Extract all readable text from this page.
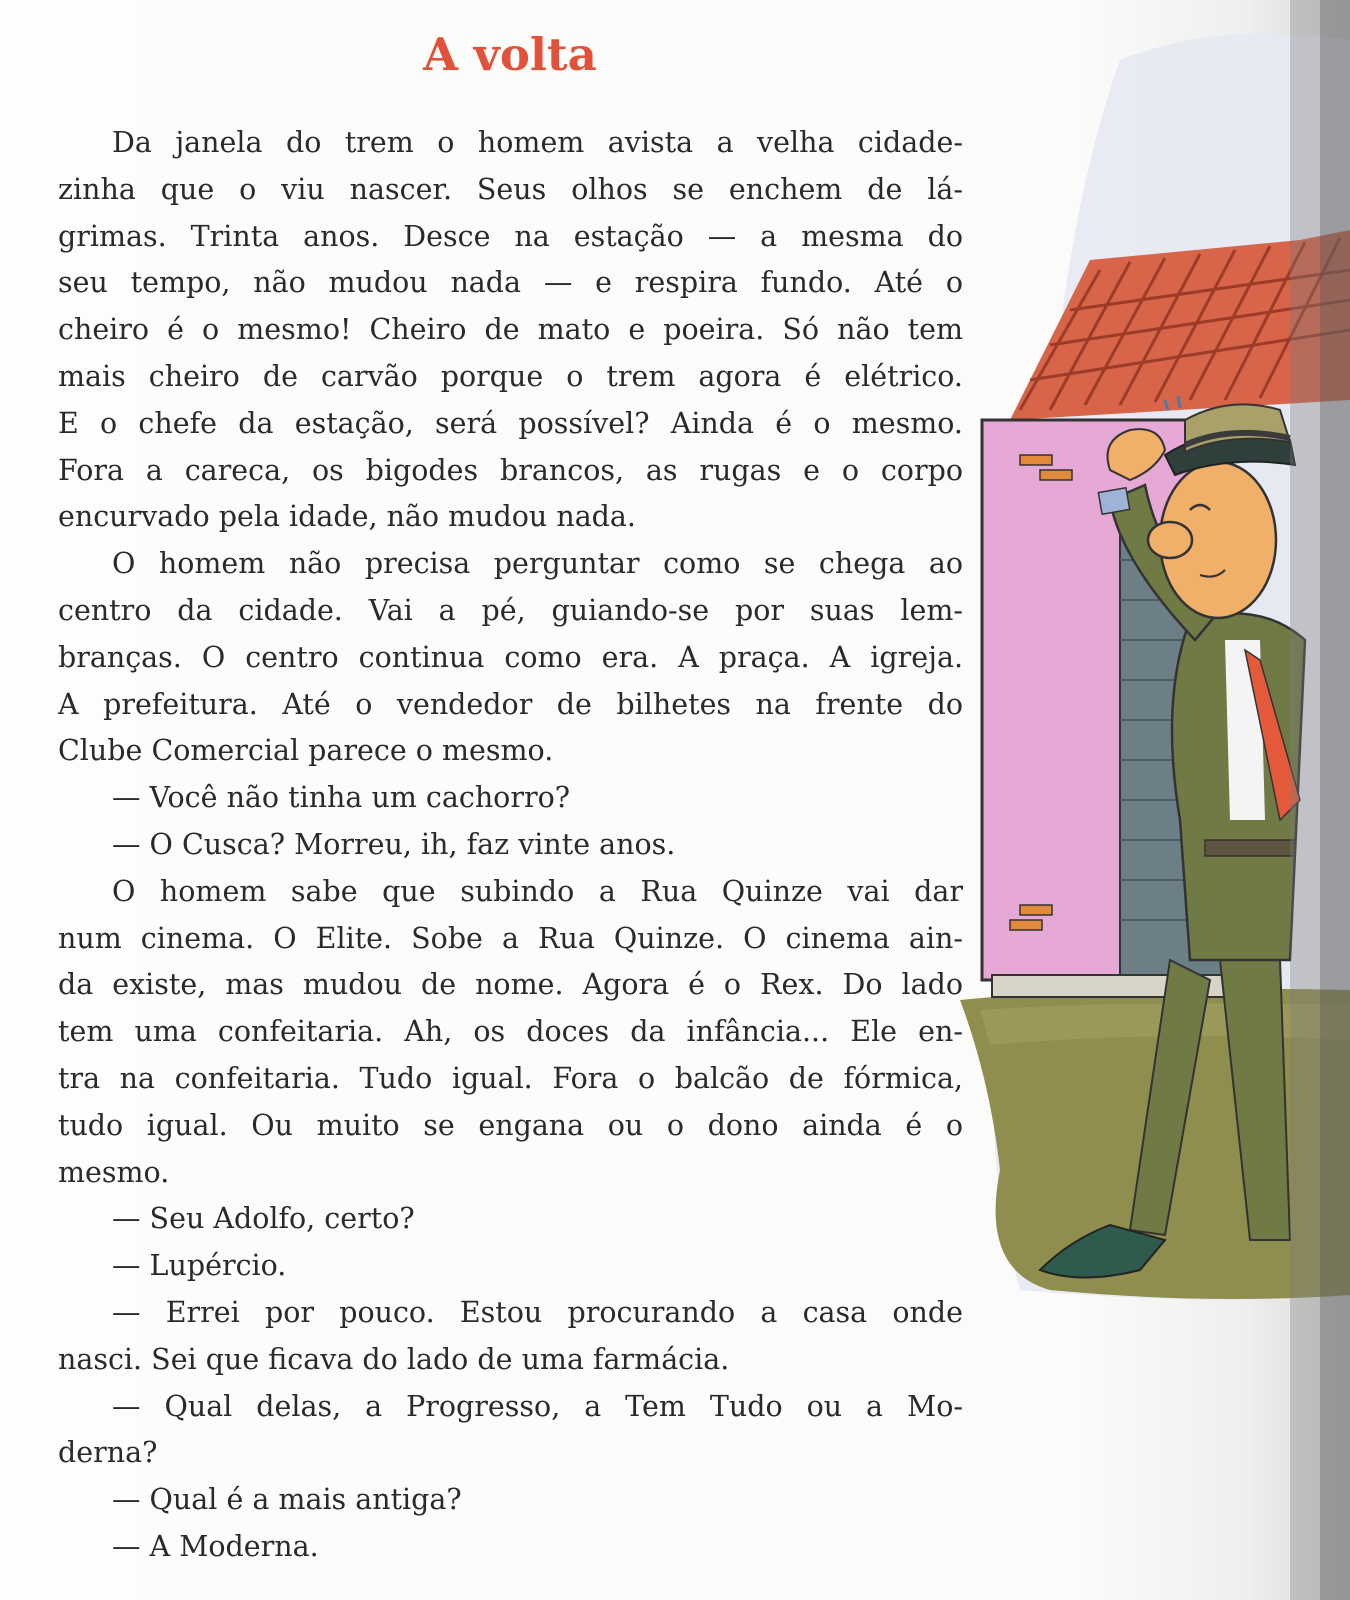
A volta

Da janela do trem o homem avista a velha cidade-
zinha que o viu nascer. Seus olhos se enchem de lá-
grimas. Trinta anos. Desce na estação — a mesma do
seu tempo, não mudou nada — e respira fundo. Até o
cheiro é o mesmo! Cheiro de mato e poeira. Só não tem
mais cheiro de carvão porque o trem agora é elétrico.
E o chefe da estação, será possível? Ainda é o mesmo.
Fora a careca, os bigodes brancos, as rugas e o corpo
encurvado pela idade, não mudou nada.

O homem não precisa perguntar como se chega ao
centro da cidade. Vai a pé, guiando-se por suas lem-
branças. O centro continua como era. A praça. A igreja.
A prefeitura. Até o vendedor de bilhetes na frente do
Clube Comercial parece o mesmo.

— Você não tinha um cachorro?

— O Cusca? Morreu, ih, faz vinte anos.

O homem sabe que subindo a Rua Quinze vai dar
num cinema. O Elite. Sobe a Rua Quinze. O cinema ain-
da existe, mas mudou de nome. Agora é o Rex. Do lado
tem uma confeitaria. Ah, os doces da infância... Ele en-
tra na confeitaria. Tudo igual. Fora o balcão de fórmica,
tudo igual. Ou muito se engana ou o dono ainda é o
mesmo.

— Seu Adolfo, certo?

— Lupércio.

— Errei por pouco. Estou procurando a casa onde
nasci. Sei que ficava do lado de uma farmácia.

— Qual delas, a Progresso, a Tem Tudo ou a Mo-
derna?

— Qual é a mais antiga?

— A Moderna.
